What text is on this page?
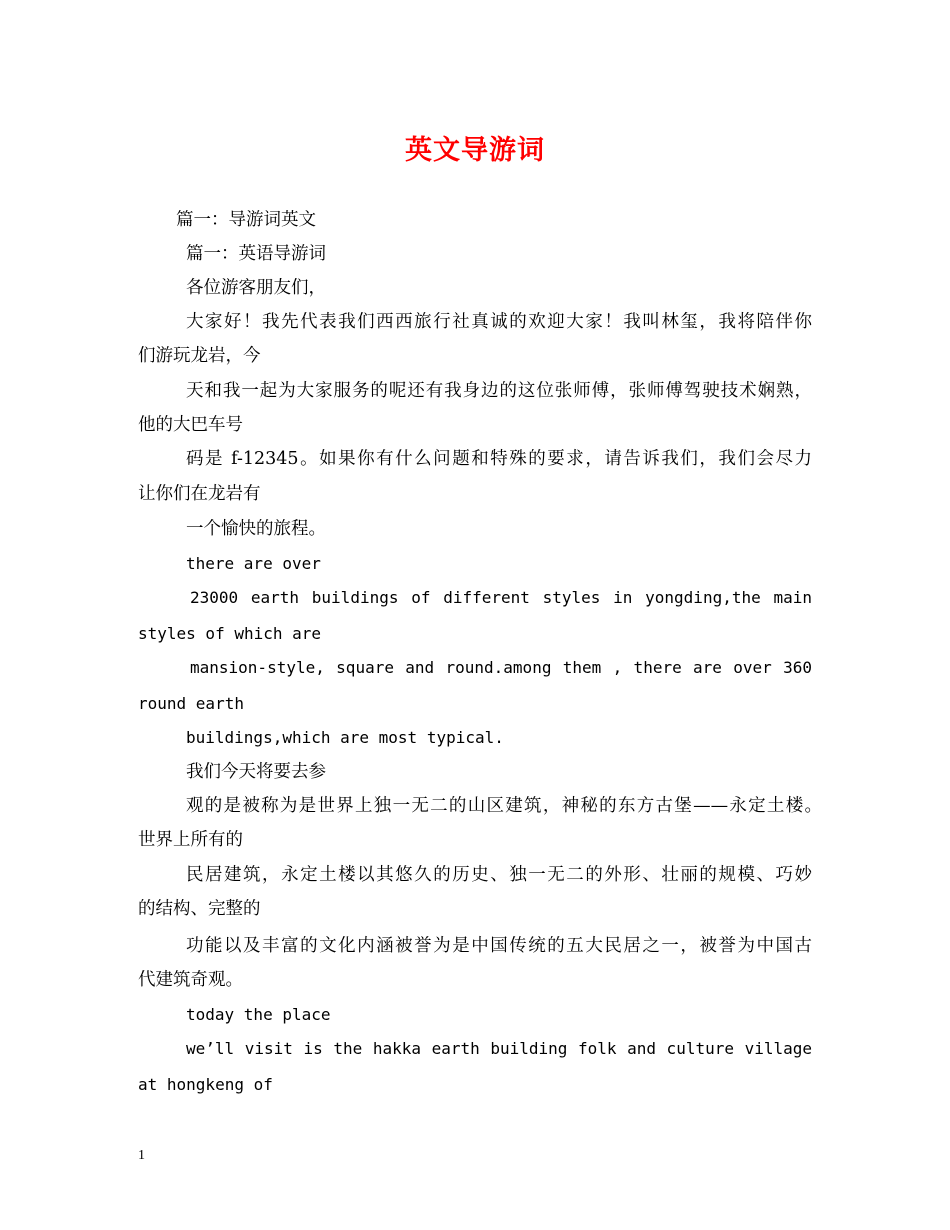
英文导游词
篇一：导游词英文
篇一：英语导游词
各位游客朋友们，
大家好！我先代表我们西西旅行社真诚的欢迎大家！我叫林玺，我将陪伴你
们游玩龙岩，今
天和我一起为大家服务的呢还有我身边的这位张师傅，张师傅驾驶技术娴熟，
他的大巴车号
码是 f-12345。如果你有什么问题和特殊的要求，请告诉我们，我们会尽力
让你们在龙岩有
一个愉快的旅程。
there are over
23000 earth buildings of different styles in yongding,the main
styles of which are
mansion-style, square and round.among them , there are over 360
round earth
buildings,which are most typical.
我们今天将要去参
观的是被称为是世界上独一无二的山区建筑，神秘的东方古堡——永定土楼。
世界上所有的
民居建筑，永定土楼以其悠久的历史、独一无二的外形、壮丽的规模、巧妙
的结构、完整的
功能以及丰富的文化内涵被誉为是中国传统的五大民居之一，被誉为中国古
代建筑奇观。
today the place
we’ll visit is the hakka earth building folk and culture village
at hongkeng of
1
